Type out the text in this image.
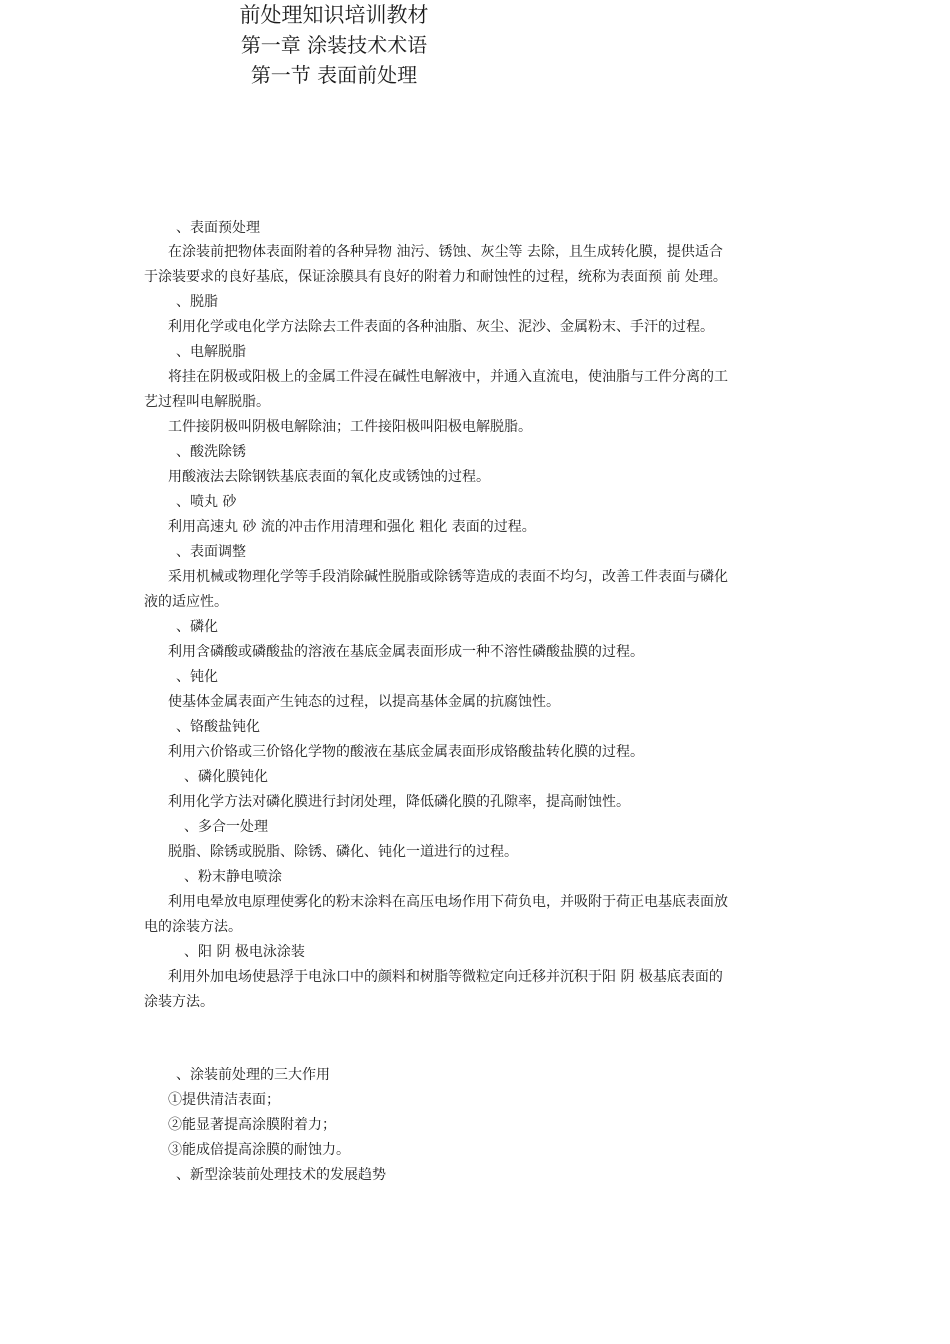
前处理知识培训教材
第一章 涂装技术术语
、表面预处理
在涂装前把物体表面附着的各种异物 油污、锈蚀、灰尘等 去除，且生成转化膜，提供适合
于涂装要求的良好基底，保证涂膜具有良好的附着力和耐蚀性的过程，统称为表面预 前 处理。
、脱脂
利用化学或电化学方法除去工件表面的各种油脂、灰尘、泥沙、金属粉末、手汗的过程。
、电解脱脂
将挂在阴极或阳极上的金属工件浸在碱性电解液中，并通入直流电，使油脂与工件分离的工
艺过程叫电解脱脂。
工件接阴极叫阴极电解除油；工件接阳极叫阳极电解脱脂。
、酸洗除锈
用酸液法去除钢铁基底表面的氧化皮或锈蚀的过程。
、喷丸 砂
利用高速丸 砂 流的冲击作用清理和强化 粗化 表面的过程。
、表面调整
采用机械或物理化学等手段消除碱性脱脂或除锈等造成的表面不均匀，改善工件表面与磷化
液的适应性。
、磷化
利用含磷酸或磷酸盐的溶液在基底金属表面形成一种不溶性磷酸盐膜的过程。
、钝化
使基体金属表面产生钝态的过程，以提高基体金属的抗腐蚀性。
、铬酸盐钝化
利用六价铬或三价铬化学物的酸液在基底金属表面形成铬酸盐转化膜的过程。
、磷化膜钝化
利用化学方法对磷化膜进行封闭处理，降低磷化膜的孔隙率，提高耐蚀性。
、多合一处理
脱脂、除锈或脱脂、除锈、磷化、钝化一道进行的过程。
、粉末静电喷涂
利用电晕放电原理使雾化的粉末涂料在高压电场作用下荷负电，并吸附于荷正电基底表面放
电的涂装方法。
、阳 阴 极电泳涂装
利用外加电场使悬浮于电泳口中的颜料和树脂等微粒定向迁移并沉积于阳 阴 极基底表面的
涂装方法。
第一节 表面前处理
、涂装前处理的三大作用
①提供清洁表面；
②能显著提高涂膜附着力；
③能成倍提高涂膜的耐蚀力。
、新型涂装前处理技术的发展趋势
